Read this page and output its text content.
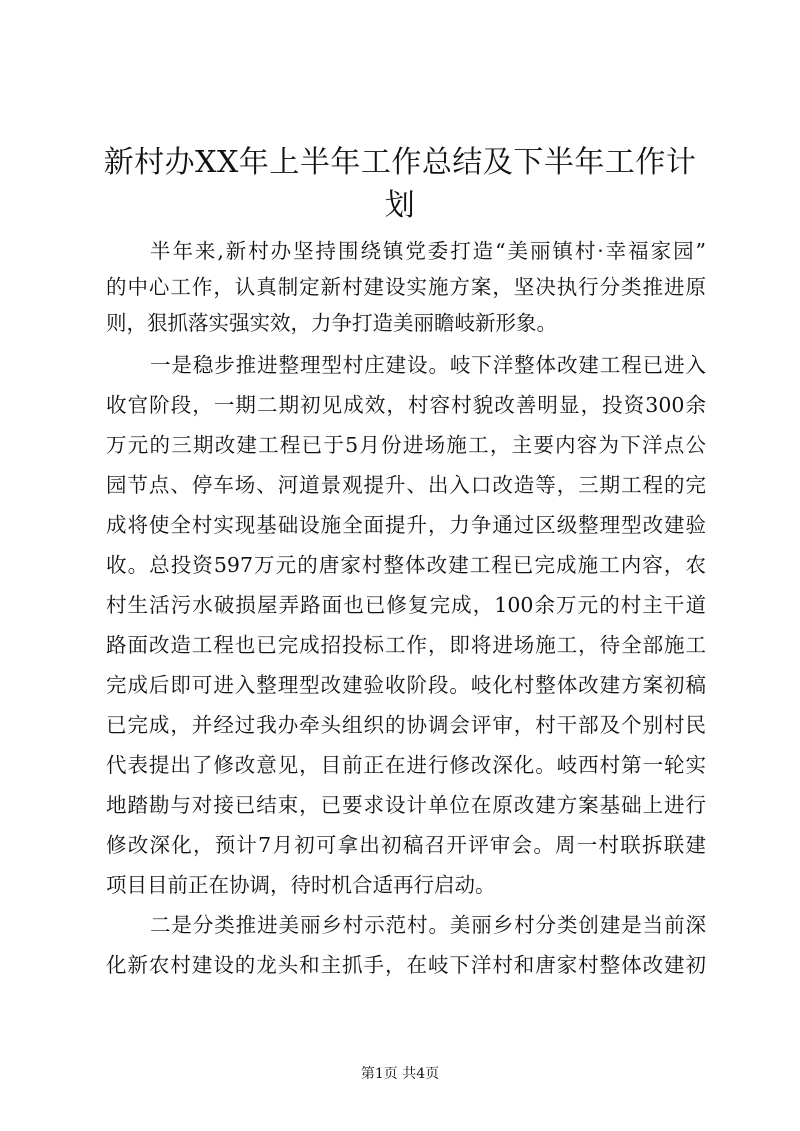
新村办XX年上半年工作总结及下半年工作计
划
半年来,新村办坚持围绕镇党委打造“美丽镇村·幸福家园”
的中心工作，认真制定新村建设实施方案，坚决执行分类推进原
则，狠抓落实强实效，力争打造美丽瞻岐新形象。
一是稳步推进整理型村庄建设。岐下洋整体改建工程已进入
收官阶段，一期二期初见成效，村容村貌改善明显，投资300余
万元的三期改建工程已于5月份进场施工，主要内容为下洋点公
园节点、停车场、河道景观提升、出入口改造等，三期工程的完
成将使全村实现基础设施全面提升，力争通过区级整理型改建验
收。总投资597万元的唐家村整体改建工程已完成施工内容，农
村生活污水破损屋弄路面也已修复完成，100余万元的村主干道
路面改造工程也已完成招投标工作，即将进场施工，待全部施工
完成后即可进入整理型改建验收阶段。岐化村整体改建方案初稿
已完成，并经过我办牵头组织的协调会评审，村干部及个别村民
代表提出了修改意见，目前正在进行修改深化。岐西村第一轮实
地踏勘与对接已结束，已要求设计单位在原改建方案基础上进行
修改深化，预计7月初可拿出初稿召开评审会。周一村联拆联建
项目目前正在协调，待时机合适再行启动。
二是分类推进美丽乡村示范村。美丽乡村分类创建是当前深
化新农村建设的龙头和主抓手，在岐下洋村和唐家村整体改建初
第1页 共4页
